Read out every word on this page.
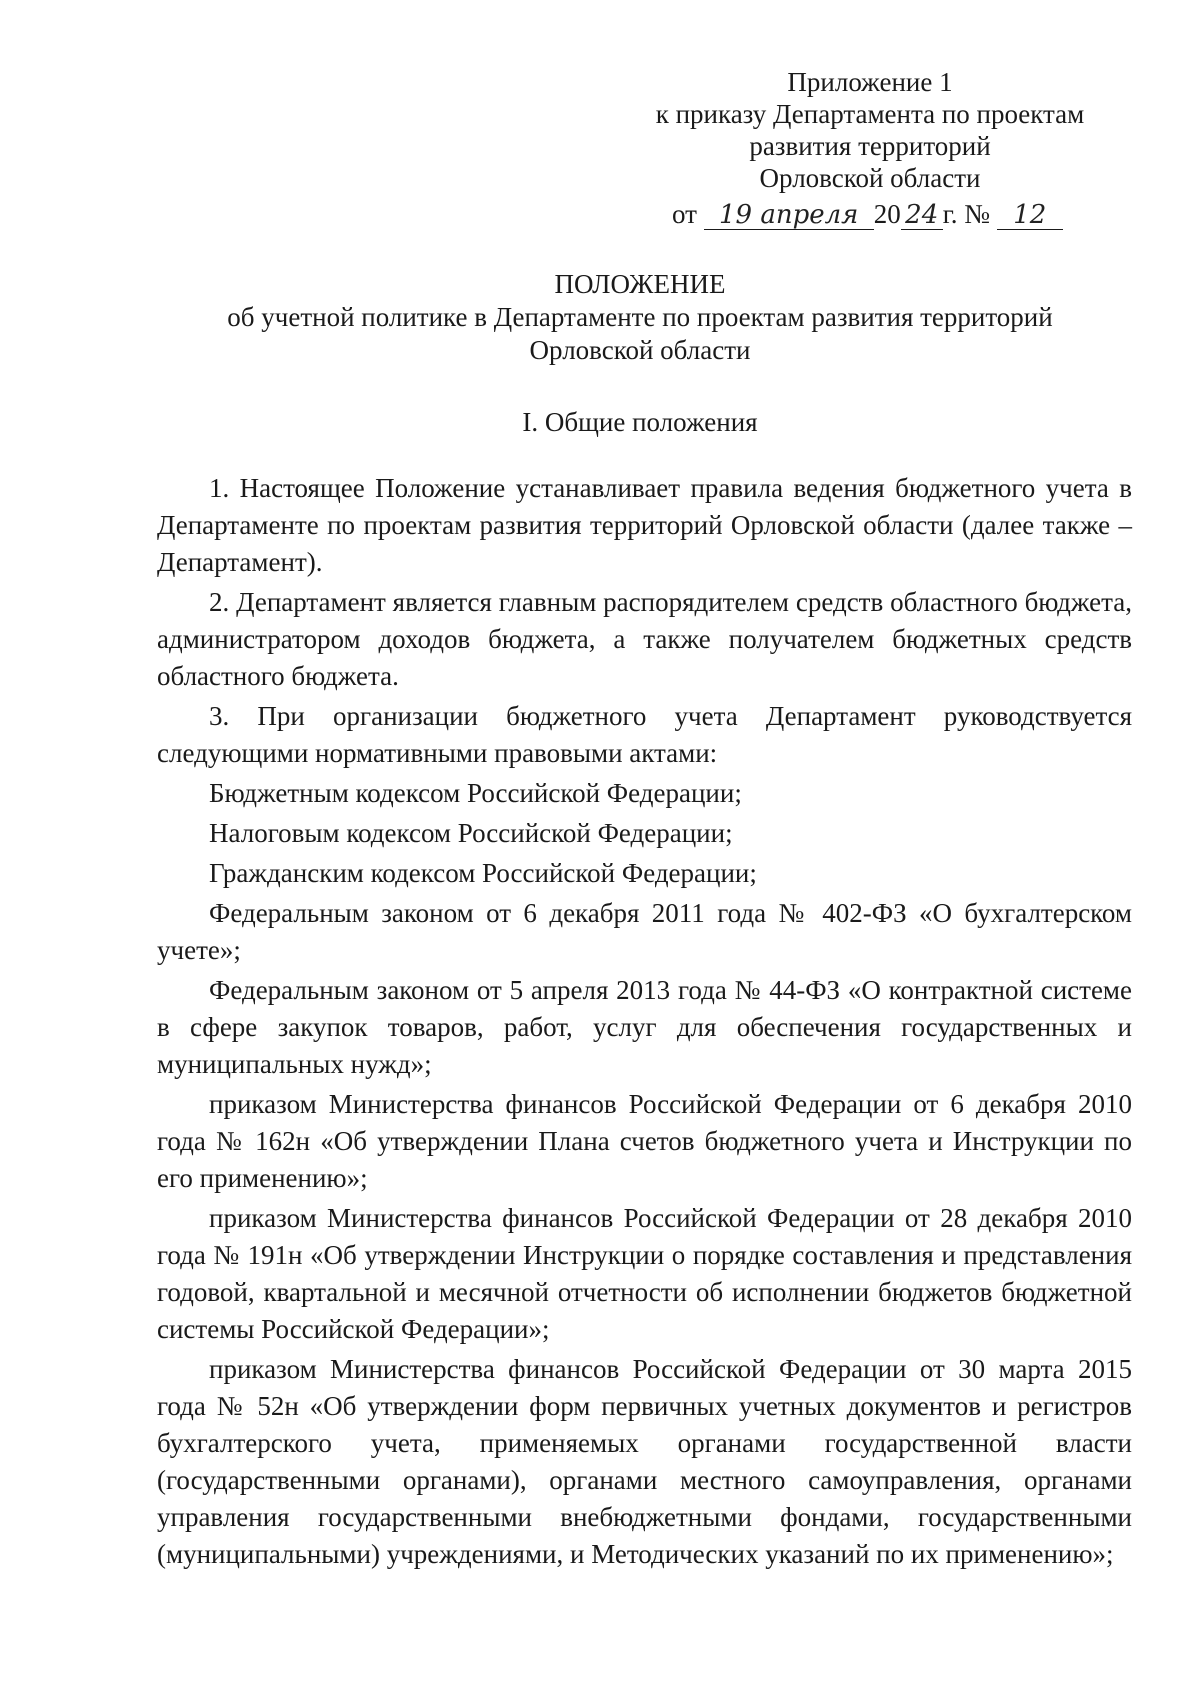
Приложение 1
к приказу Департамента по проектам
развития территорий
Орловской области
от 19 апреля 20 24 г. № 12
ПОЛОЖЕНИЕ
об учетной политике в Департаменте по проектам развития территорий
Орловской области
I. Общие положения

1. Настоящее Положение устанавливает правила ведения бюджетного учета в Департаменте по проектам развития территорий Орловской области (далее также – Департамент).

2. Департамент является главным распорядителем средств областного бюджета, администратором доходов бюджета, а также получателем бюджетных средств областного бюджета.

3. При организации бюджетного учета Департамент руководствуется следующими нормативными правовыми актами:

Бюджетным кодексом Российской Федерации;

Налоговым кодексом Российской Федерации;

Гражданским кодексом Российской Федерации;

Федеральным законом от 6 декабря 2011 года № 402-ФЗ «О бухгалтерском учете»;

Федеральным законом от 5 апреля 2013 года № 44-ФЗ «О контрактной системе в сфере закупок товаров, работ, услуг для обеспечения государственных и муниципальных нужд»;

приказом Министерства финансов Российской Федерации от 6 декабря 2010 года № 162н «Об утверждении Плана счетов бюджетного учета и Инструкции по его применению»;

приказом Министерства финансов Российской Федерации от 28 декабря 2010 года № 191н «Об утверждении Инструкции о порядке составления и представления годовой, квартальной и месячной отчетности об исполнении бюджетов бюджетной системы Российской Федерации»;

приказом Министерства финансов Российской Федерации от 30 марта 2015 года № 52н «Об утверждении форм первичных учетных документов и регистров бухгалтерского учета, применяемых органами государственной власти (государственными органами), органами местного самоуправления, органами управления государственными внебюджетными фондами, государственными (муниципальными) учреждениями, и Методических указаний по их применению»;
